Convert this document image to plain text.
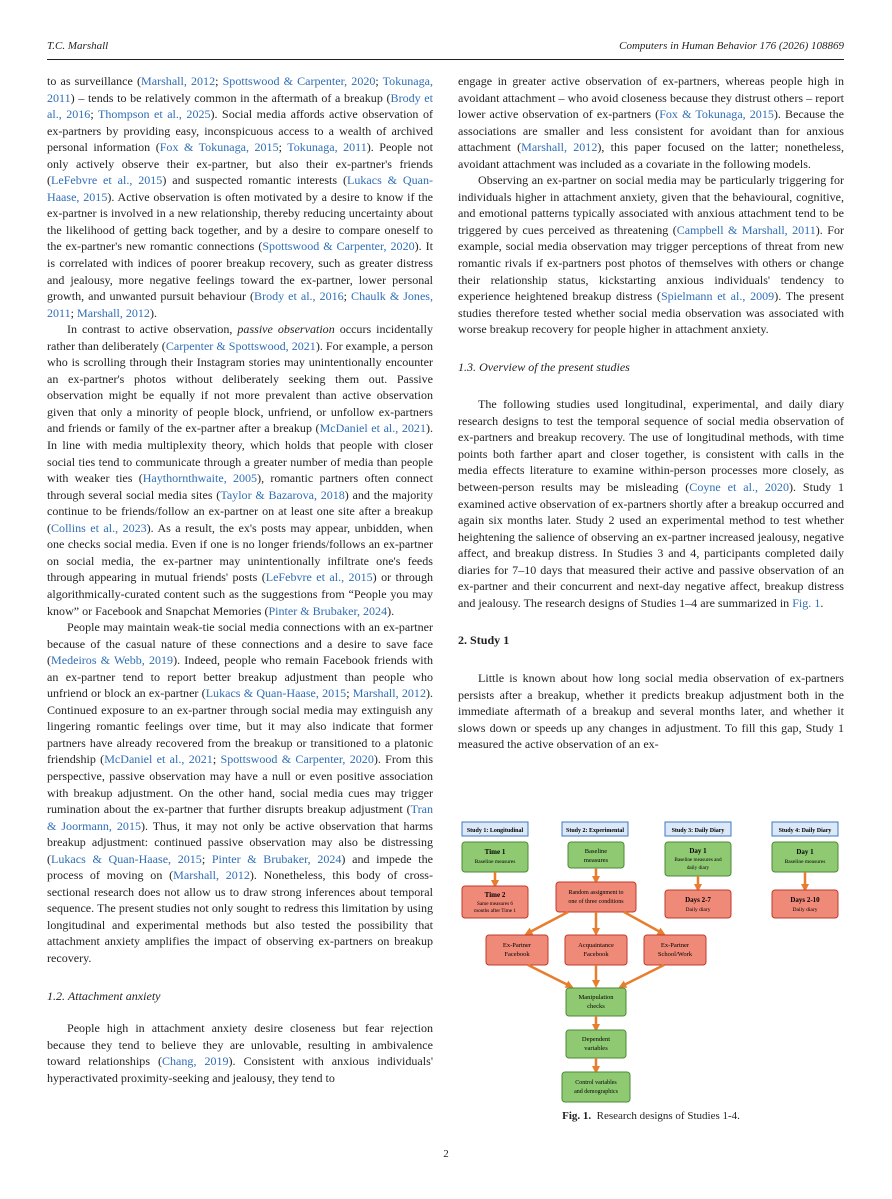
T.C. Marshall	Computers in Human Behavior 176 (2026) 108869

to as surveillance (Marshall, 2012; Spottswood & Carpenter, 2020; Tokunaga, 2011) – tends to be relatively common in the aftermath of a breakup (Brody et al., 2016; Thompson et al., 2025). Social media affords active observation of ex-partners by providing easy, inconspicuous access to a wealth of archived personal information (Fox & Tokunaga, 2015; Tokunaga, 2011). People not only actively observe their ex-partner, but also their ex-partner's friends (LeFebvre et al., 2015) and suspected romantic interests (Lukacs & Quan-Haase, 2015). Active observation is often motivated by a desire to know if the ex-partner is involved in a new relationship, thereby reducing uncertainty about the likelihood of getting back together, and by a desire to compare oneself to the ex-partner's new romantic connections (Spottswood & Carpenter, 2020). It is correlated with indices of poorer breakup recovery, such as greater distress and jealousy, more negative feelings toward the ex-partner, lower personal growth, and unwanted pursuit behaviour (Brody et al., 2016; Chaulk & Jones, 2011; Marshall, 2012).

In contrast to active observation, passive observation occurs incidentally rather than deliberately (Carpenter & Spottswood, 2021). For example, a person who is scrolling through their Instagram stories may unintentionally encounter an ex-partner's photos without deliberately seeking them out. Passive observation might be equally if not more prevalent than active observation given that only a minority of people block, unfriend, or unfollow ex-partners and friends or family of the ex-partner after a breakup (McDaniel et al., 2021). In line with media multiplexity theory, which holds that people with closer social ties tend to communicate through a greater number of media than people with weaker ties (Haythornthwaite, 2005), romantic partners often connect through several social media sites (Taylor & Bazarova, 2018) and the majority continue to be friends/follow an ex-partner on at least one site after a breakup (Collins et al., 2023). As a result, the ex's posts may appear, unbidden, when one checks social media. Even if one is no longer friends/follows an ex-partner on social media, the ex-partner may unintentionally infiltrate one's feeds through appearing in mutual friends' posts (LeFebvre et al., 2015) or through algorithmically-curated content such as the suggestions from “People you may know” or Facebook and Snapchat Memories (Pinter & Brubaker, 2024).

People may maintain weak-tie social media connections with an ex-partner because of the casual nature of these connections and a desire to save face (Medeiros & Webb, 2019). Indeed, people who remain Facebook friends with an ex-partner tend to report better breakup adjustment than people who unfriend or block an ex-partner (Lukacs & Quan-Haase, 2015; Marshall, 2012). Continued exposure to an ex-partner through social media may extinguish any lingering romantic feelings over time, but it may also indicate that former partners have already recovered from the breakup or transitioned to a platonic friendship (McDaniel et al., 2021; Spottswood & Carpenter, 2020). From this perspective, passive observation may have a null or even positive association with breakup adjustment. On the other hand, social media cues may trigger rumination about the ex-partner that further disrupts breakup adjustment (Tran & Joormann, 2015). Thus, it may not only be active observation that harms breakup adjustment: continued passive observation may also be distressing (Lukacs & Quan-Haase, 2015; Pinter & Brubaker, 2024) and impede the process of moving on (Marshall, 2012). Nonetheless, this body of cross-sectional research does not allow us to draw strong inferences about temporal sequence. The present studies not only sought to redress this limitation by using longitudinal and experimental methods but also tested the possibility that attachment anxiety amplifies the impact of observing ex-partners on breakup recovery.

1.2. Attachment anxiety

People high in attachment anxiety desire closeness but fear rejection because they tend to believe they are unlovable, resulting in ambivalence toward relationships (Chang, 2019). Consistent with anxious individuals' hyperactivated proximity-seeking and jealousy, they tend to

engage in greater active observation of ex-partners, whereas people high in avoidant attachment – who avoid closeness because they distrust others – report lower active observation of ex-partners (Fox & Tokunaga, 2015). Because the associations are smaller and less consistent for avoidant than for anxious attachment (Marshall, 2012), this paper focused on the latter; nonetheless, avoidant attachment was included as a covariate in the following models.

Observing an ex-partner on social media may be particularly triggering for individuals higher in attachment anxiety, given that the behavioural, cognitive, and emotional patterns typically associated with anxious attachment tend to be triggered by cues perceived as threatening (Campbell & Marshall, 2011). For example, social media observation may trigger perceptions of threat from new romantic rivals if ex-partners post photos of themselves with others or change their relationship status, kickstarting anxious individuals' tendency to experience heightened breakup distress (Spielmann et al., 2009). The present studies therefore tested whether social media observation was associated with worse breakup recovery for people higher in attachment anxiety.

1.3. Overview of the present studies

The following studies used longitudinal, experimental, and daily diary research designs to test the temporal sequence of social media observation of ex-partners and breakup recovery. The use of longitudinal methods, with time points both farther apart and closer together, is consistent with calls in the media effects literature to examine within-person processes more closely, as between-person results may be misleading (Coyne et al., 2020). Study 1 examined active observation of ex-partners shortly after a breakup occurred and again six months later. Study 2 used an experimental method to test whether heightening the salience of observing an ex-partner increased jealousy, negative affect, and breakup distress. In Studies 3 and 4, participants completed daily diaries for 7–10 days that measured their active and passive observation of an ex-partner and their concurrent and next-day negative affect, breakup distress and jealousy. The research designs of Studies 1–4 are summarized in Fig. 1.

2. Study 1

Little is known about how long social media observation of ex-partners persists after a breakup, whether it predicts breakup adjustment both in the immediate aftermath of a breakup and several months later, and whether it slows down or speeds up any changes in adjustment. To fill this gap, Study 1 measured the active observation of an ex-

Study 1: Longitudinal	Study 2: Experimental	Study 3: Daily Diary	Study 4: Daily Diary
Time 1
Baseline measures
Time 2
Same measures 6
months after Time 1
Baseline
measures
Random assignment to
one of three conditions
Ex-Partner
Facebook
Acquaintance
Facebook
Ex-Partner
School/Work
Manipulation
checks
Dependent
variables
Control variables
and demographics
Day 1
Baseline measures and
daily diary
Days 2-7
Daily diary
Day 1
Baseline measures
Days 2-10
Daily diary
Fig. 1. Research designs of Studies 1-4.
2
